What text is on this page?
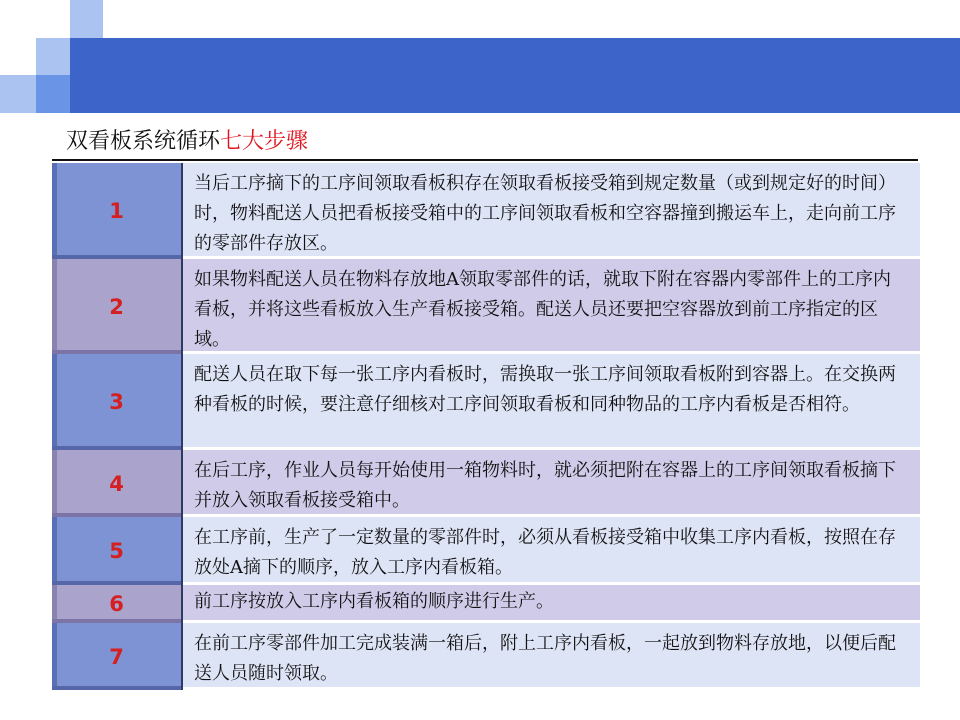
双看板系统循环七大步骤
1
当后工序摘下的工序间领取看板积存在领取看板接受箱到规定数量（或到规定好的时间）时，物料配送人员把看板接受箱中的工序间领取看板和空容器撞到搬运车上，走向前工序的零部件存放区。
2
如果物料配送人员在物料存放地A领取零部件的话，就取下附在容器内零部件上的工序内看板，并将这些看板放入生产看板接受箱。配送人员还要把空容器放到前工序指定的区域。
3
配送人员在取下每一张工序内看板时，需换取一张工序间领取看板附到容器上。在交换两种看板的时候，要注意仔细核对工序间领取看板和同种物品的工序内看板是否相符。
4
在后工序，作业人员每开始使用一箱物料时，就必须把附在容器上的工序间领取看板摘下并放入领取看板接受箱中。
5
在工序前，生产了一定数量的零部件时，必须从看板接受箱中收集工序内看板，按照在存放处A摘下的顺序，放入工序内看板箱。
6	前工序按放入工序内看板箱的顺序进行生产。
7
在前工序零部件加工完成装满一箱后，附上工序内看板，一起放到物料存放地，以便后配送人员随时领取。
